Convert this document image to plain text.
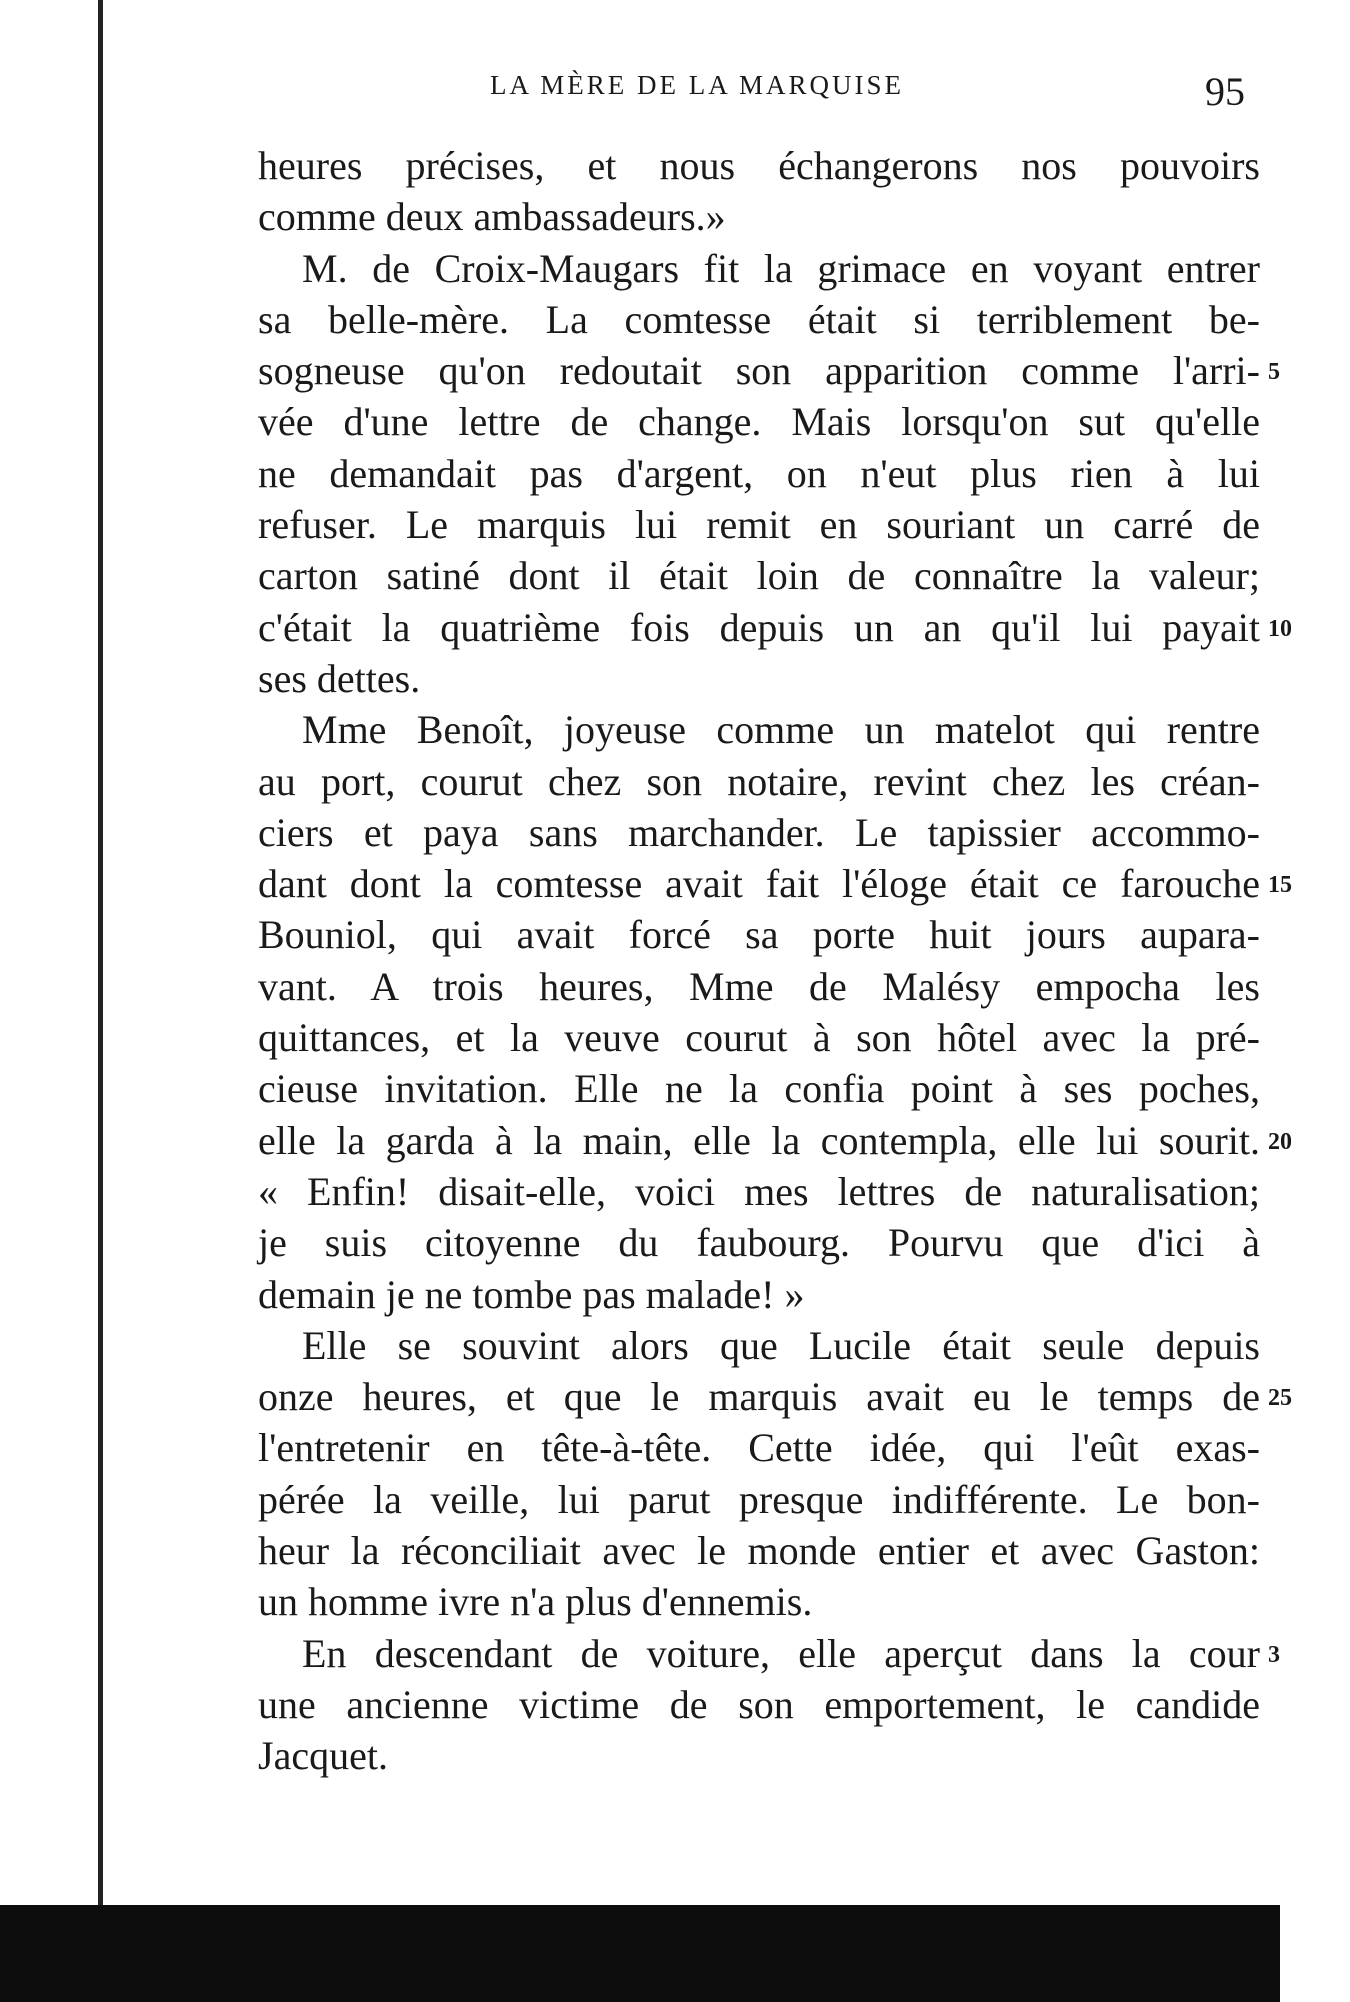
LA MÈRE DE LA MARQUISE	95
heures précises, et nous échangerons nos pouvoirs
comme deux ambassadeurs.»
M. de Croix-Maugars fit la grimace en voyant entrer
sa belle-mère. La comtesse était si terriblement be-
sogneuse qu'on redoutait son apparition comme l'arri-
vée d'une lettre de change. Mais lorsqu'on sut qu'elle
ne demandait pas d'argent, on n'eut plus rien à lui
refuser. Le marquis lui remit en souriant un carré de
carton satiné dont il était loin de connaître la valeur;
c'était la quatrième fois depuis un an qu'il lui payait
ses dettes.
Mme Benoît, joyeuse comme un matelot qui rentre
au port, courut chez son notaire, revint chez les créan-
ciers et paya sans marchander. Le tapissier accommo-
dant dont la comtesse avait fait l'éloge était ce farouche
Bouniol, qui avait forcé sa porte huit jours aupara-
vant. A trois heures, Mme de Malésy empocha les
quittances, et la veuve courut à son hôtel avec la pré-
cieuse invitation. Elle ne la confia point à ses poches,
elle la garda à la main, elle la contempla, elle lui sourit.
« Enfin! disait-elle, voici mes lettres de naturalisation;
je suis citoyenne du faubourg. Pourvu que d'ici à
demain je ne tombe pas malade! »
Elle se souvint alors que Lucile était seule depuis
onze heures, et que le marquis avait eu le temps de
l'entretenir en tête-à-tête. Cette idée, qui l'eût exas-
pérée la veille, lui parut presque indifférente. Le bon-
heur la réconciliait avec le monde entier et avec Gaston:
un homme ivre n'a plus d'ennemis.
En descendant de voiture, elle aperçut dans la cour
une ancienne victime de son emportement, le candide
Jacquet.
5
10
15
20
25
3
